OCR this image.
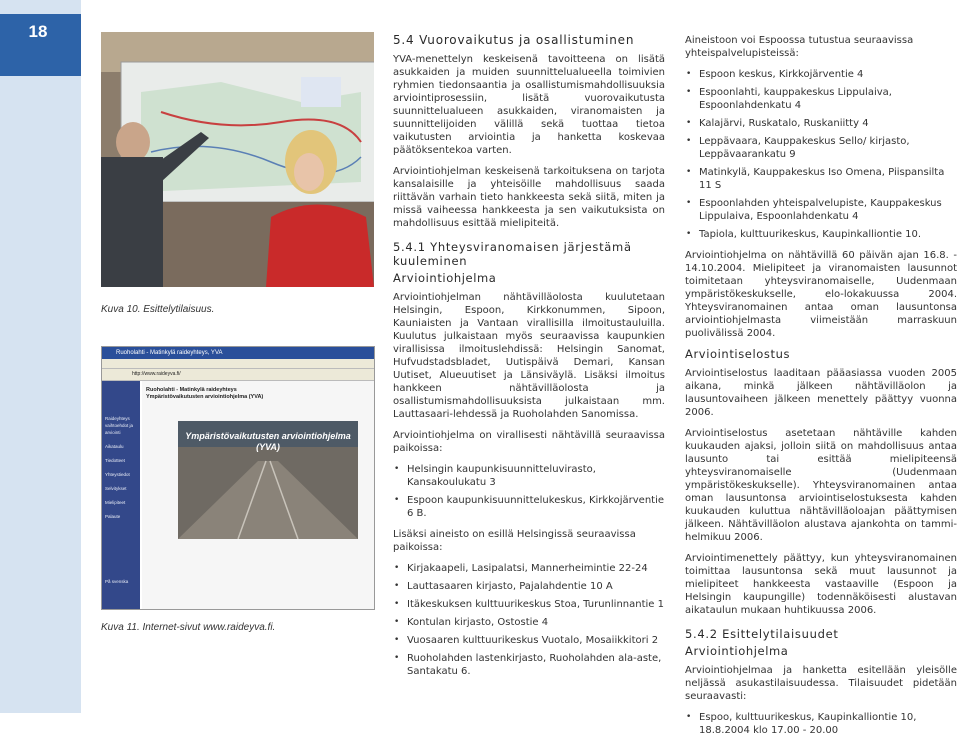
18
Kuva 10. Esittelytilaisuus.
Ruoholahti - Matinkylä raideyhteys, YVA
http://www.raideyva.fi/
Raideyhteys vaihtoehdot ja arviointi
Aikataulu
Tiedotteet
Yhteystiedot
Selvitykset
Mielipiteet
Palaute
På svenska
Ruoholahti - Matinkylä raideyhteys
Ympäristövaikutusten arviointiohjelma (YVA)
Ympäristövaikutusten arviointiohjelma (YVA)
Kuva 11. Internet-sivut www.raideyva.fi.
5.4 Vuorovaikutus ja osallistuminen

YVA-menettelyn keskeisenä tavoitteena on lisätä asukkaiden ja muiden suunnittelualueella toimivien ryhmien tiedonsaantia ja osallistumismahdollisuuksia arviointiprosessiin, lisätä vuorovaikutusta suunnittelualueen asukkaiden, viranomaisten ja suunnittelijoiden välillä sekä tuottaa tietoa vaikutusten arviointia ja hanketta koskevaa päätöksentekoa varten.

Arviointiohjelman keskeisenä tarkoituksena on tarjota kansalaisille ja yhteisöille mahdollisuus saada riittävän varhain tieto hankkeesta sekä siitä, miten ja missä vaiheessa hankkeesta ja sen vaikutuksista on mahdollisuus esittää mielipiteitä.

5.4.1 Yhteysviranomaisen järjestämä kuuleminen
Arviointiohjelma

Arviointiohjelman nähtävilläolosta kuulutetaan Helsingin, Espoon, Kirkkonummen, Sipoon, Kauniaisten ja Vantaan virallisilla ilmoitustauluilla. Kuulutus julkaistaan myös seuraavissa kaupunkien virallisissa ilmoituslehdissä: Helsingin Sanomat, Hufvudstadsbladet, Uutispäivä Demari, Kansan Uutiset, Alueuutiset ja Länsiväylä. Lisäksi ilmoitus hankkeen nähtävilläolosta ja osallistumismahdollisuuksista julkaistaan mm. Lauttasaari-lehdessä ja Ruoholahden Sanomissa.

Arviointiohjelma on virallisesti nähtävillä seuraavissa paikoissa:

• Helsingin kaupunkisuunnitteluvirasto, Kansakoulukatu 3
• Espoon kaupunkisuunnittelukeskus, Kirkkojärventie 6 B.

Lisäksi aineisto on esillä Helsingissä seuraavissa paikoissa:

• Kirjakaapeli, Lasipalatsi, Mannerheimintie 22-24
• Lauttasaaren kirjasto, Pajalahdentie 10 A
• Itäkeskuksen kulttuurikeskus Stoa, Turunlinnantie 1
• Kontulan kirjasto, Ostostie 4
• Vuosaaren kulttuurikeskus Vuotalo, Mosaiikkitori 2
• Ruoholahden lastenkirjasto, Ruoholahden ala-aste, Santakatu 6.

Aineistoon voi Espoossa tutustua seuraavissa yhteispalvelupisteissä:

• Espoon keskus, Kirkkojärventie 4
• Espoonlahti, kauppakeskus Lippulaiva, Espoonlahdenkatu 4
• Kalajärvi, Ruskatalo, Ruskaniitty 4
• Leppävaara, Kauppakeskus Sello/ kirjasto, Leppävaarankatu 9
• Matinkylä, Kauppakeskus Iso Omena, Piispansilta 11 S
• Espoonlahden yhteispalvelupiste, Kauppakeskus Lippulaiva, Espoonlahdenkatu 4
• Tapiola, kulttuurikeskus, Kaupinkalliontie 10.

Arviointiohjelma on nähtävillä 60 päivän ajan 16.8. - 14.10.2004. Mielipiteet ja viranomaisten lausunnot toimitetaan yhteysviranomaiselle, Uudenmaan ympäristökeskukselle, elo-lokakuussa 2004. Yhteysviranomainen antaa oman lausuntonsa arviointiohjelmasta viimeistään marraskuun puolivälissä 2004.

Arviointiselostus

Arviointiselostus laaditaan pääasiassa vuoden 2005 aikana, minkä jälkeen nähtävilläolon ja lausuntovaiheen jälkeen menettely päättyy vuonna 2006.

Arviointiselostus asetetaan nähtäville kahden kuukauden ajaksi, jolloin siitä on mahdollisuus antaa lausunto tai esittää mielipiteensä yhteysviranomaiselle (Uudenmaan ympäristökeskukselle). Yhteysviranomainen antaa oman lausuntonsa arviointiselostuksesta kahden kuukauden kuluttua nähtävilläoloajan päättymisen jälkeen. Nähtävilläolon alustava ajankohta on tammi-helmikuu 2006.

Arviointimenettely päättyy, kun yhteysviranomainen toimittaa lausuntonsa sekä muut lausunnot ja mielipiteet hankkeesta vastaaville (Espoon ja Helsingin kaupungille) todennäköisesti alustavan aikataulun mukaan huhtikuussa 2006.

5.4.2 Esittelytilaisuudet
Arviointiohjelma

Arviointiohjelmaa ja hanketta esitellään yleisölle neljässä asukastilaisuudessa. Tilaisuudet pidetään seuraavasti:

• Espoo, kulttuurikeskus, Kaupinkalliontie 10, 18.8.2004 klo 17.00 - 20.00
